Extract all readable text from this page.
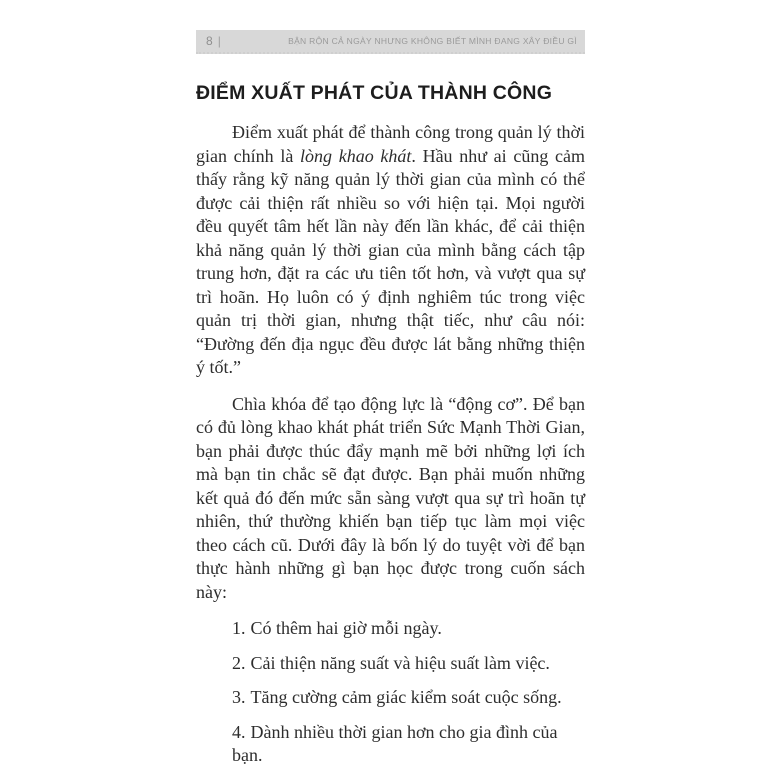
8 |	BẬN RỘN CẢ NGÀY NHƯNG KHÔNG BIẾT MÌNH ĐANG XÂY ĐIỀU GÌ
ĐIỂM XUẤT PHÁT CỦA THÀNH CÔNG

Điểm xuất phát để thành công trong quản lý thời gian chính là lòng khao khát. Hầu như ai cũng cảm thấy rằng kỹ năng quản lý thời gian của mình có thể được cải thiện rất nhiều so với hiện tại. Mọi người đều quyết tâm hết lần này đến lần khác, để cải thiện khả năng quản lý thời gian của mình bằng cách tập trung hơn, đặt ra các ưu tiên tốt hơn, và vượt qua sự trì hoãn. Họ luôn có ý định nghiêm túc trong việc quản trị thời gian, nhưng thật tiếc, như câu nói: “Đường đến địa ngục đều được lát bằng những thiện ý tốt.”

Chìa khóa để tạo động lực là “động cơ”. Để bạn có đủ lòng khao khát phát triển Sức Mạnh Thời Gian, bạn phải được thúc đẩy mạnh mẽ bởi những lợi ích mà bạn tin chắc sẽ đạt được. Bạn phải muốn những kết quả đó đến mức sẵn sàng vượt qua sự trì hoãn tự nhiên, thứ thường khiến bạn tiếp tục làm mọi việc theo cách cũ. Dưới đây là bốn lý do tuyệt vời để bạn thực hành những gì bạn học được trong cuốn sách này:

1. Có thêm hai giờ mỗi ngày.
2. Cải thiện năng suất và hiệu suất làm việc.
3. Tăng cường cảm giác kiểm soát cuộc sống.
4. Dành nhiều thời gian hơn cho gia đình của bạn.
